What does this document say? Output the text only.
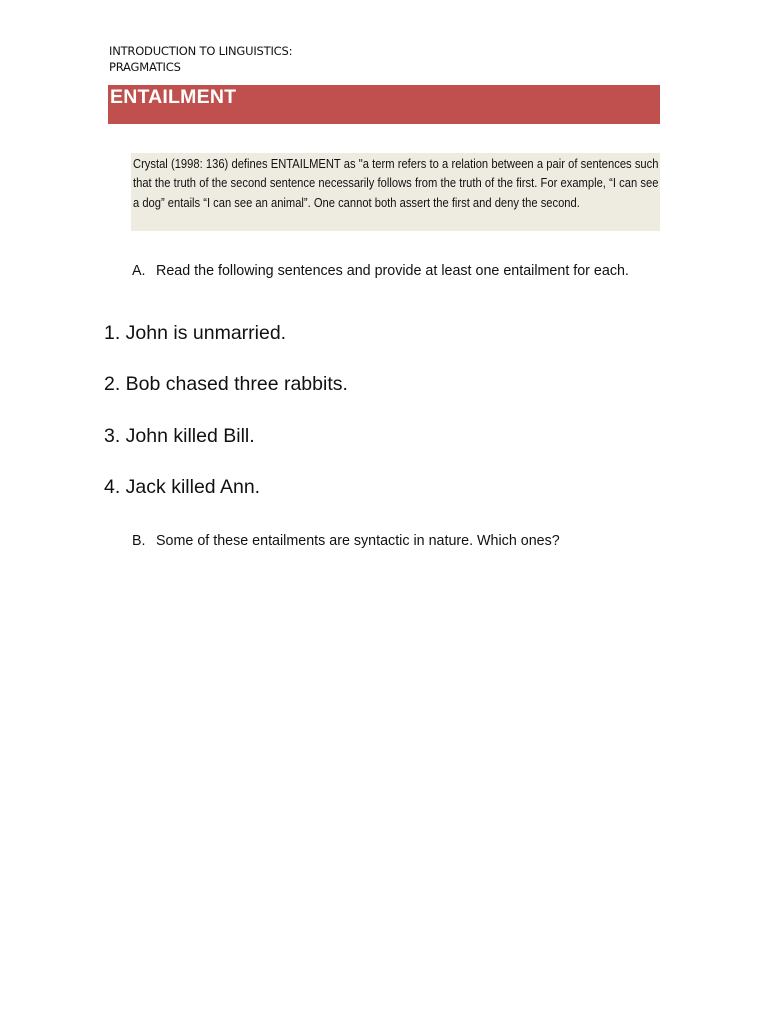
INTRODUCTION TO LINGUISTICS:
PRAGMATICS
ENTAILMENT
Crystal (1998: 136) defines ENTAILMENT as "a term refers to a relation between a pair of sentences such that the truth of the second sentence necessarily follows from the truth of the first. For example, “I can see a dog” entails “I can see an animal”. One cannot both assert the first and deny the second.
A. Read the following sentences and provide at least one entailment for each.
1. John is unmarried.
2. Bob chased three rabbits.
3. John killed Bill.
4. Jack killed Ann.
B. Some of these entailments are syntactic in nature. Which ones?
